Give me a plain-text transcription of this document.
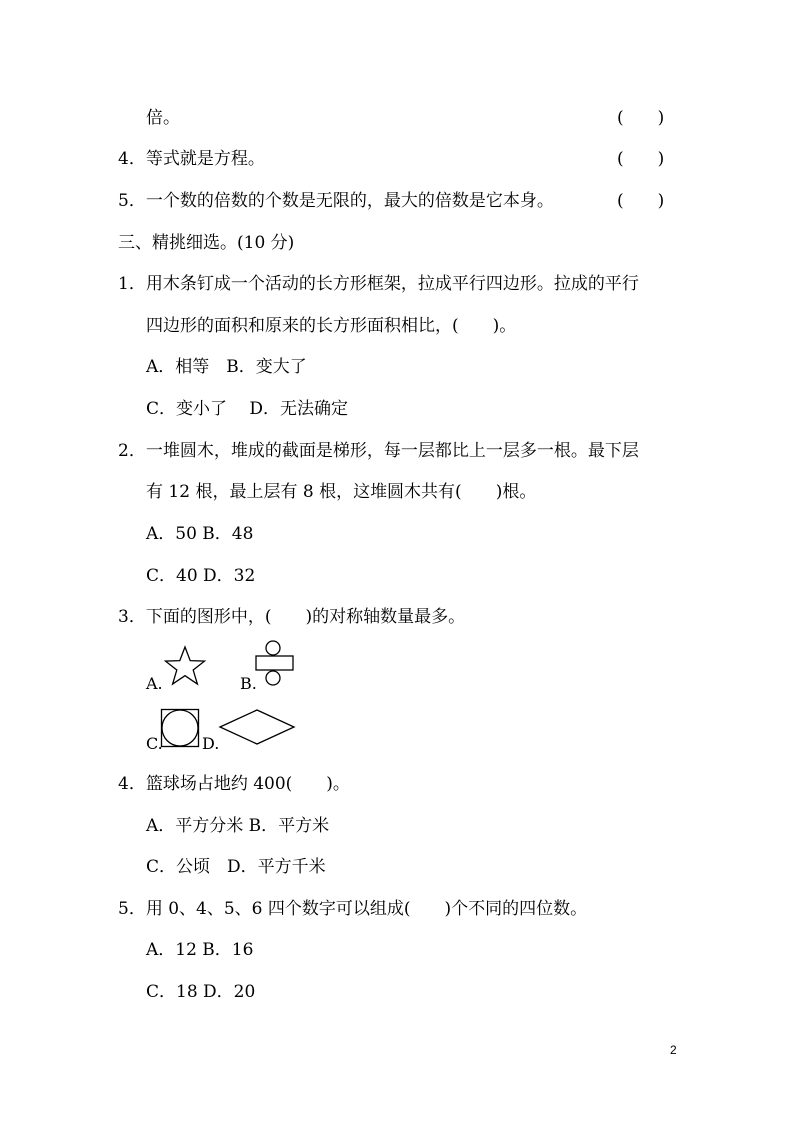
倍。	(　　)
4．等式就是方程。	(　　)
5．一个数的倍数的个数是无限的，最大的倍数是它本身。	(　　)
三、精挑细选。(10 分)
1．用木条钉成一个活动的长方形框架，拉成平行四边形。拉成的平行
四边形的面积和原来的长方形面积相比，(　　)。
A．相等　B．变大了
C．变小了　 D．无法确定
2．一堆圆木，堆成的截面是梯形，每一层都比上一层多一根。最下层
有 12 根，最上层有 8 根，这堆圆木共有(　　)根。
A．50 B．48
C．40 D．32
3．下面的图形中，(　　)的对称轴数量最多。
A.	B.
C. D.
4．篮球场占地约 400(　　)。
A．平方分米 B．平方米
C．公顷　D．平方千米
5．用 0、4、5、6 四个数字可以组成(　　)个不同的四位数。
A．12 B．16
C．18 D．20
2
